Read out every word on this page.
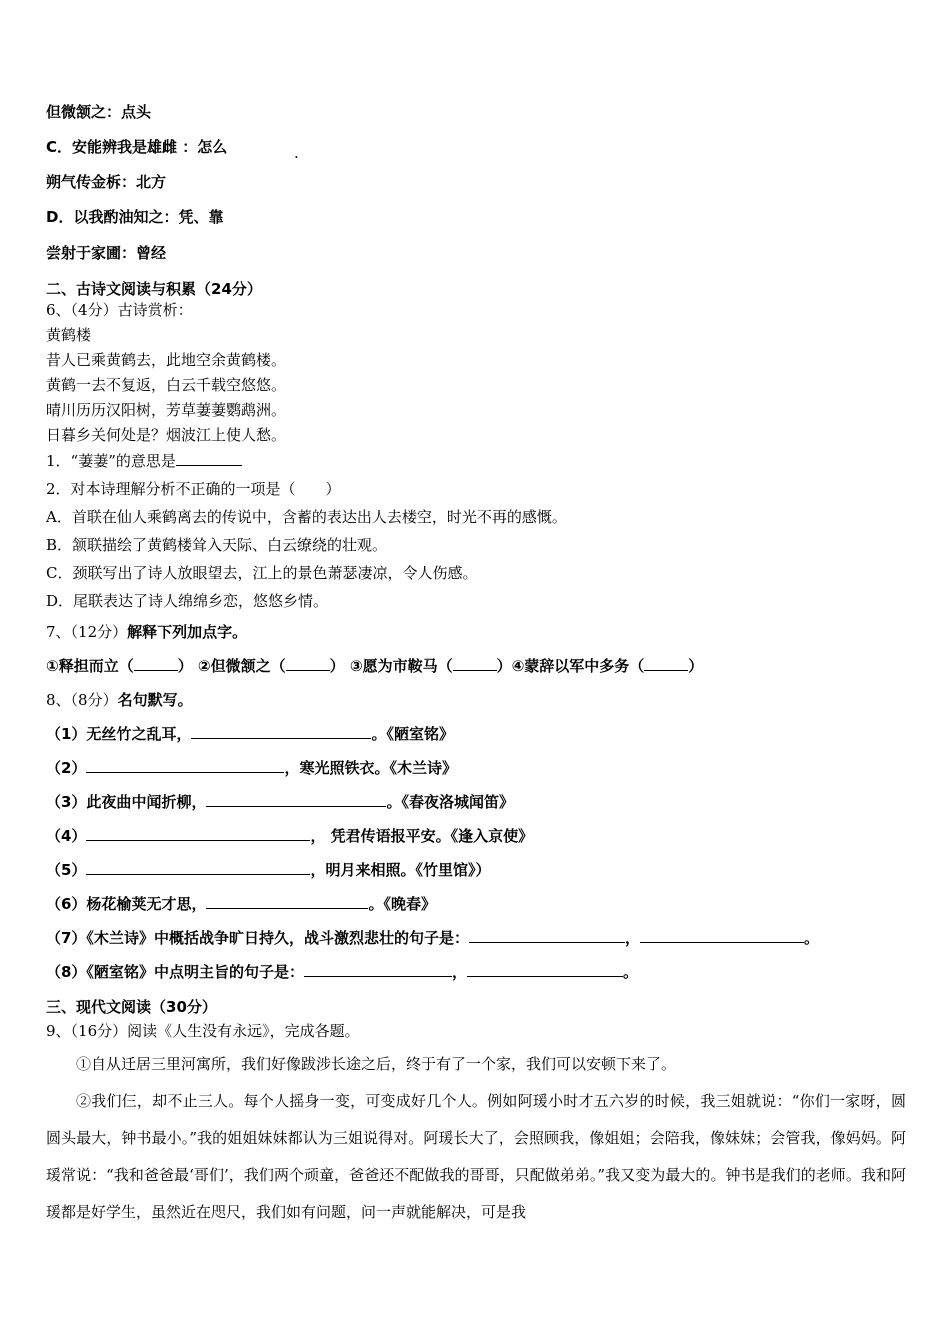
但微颔之：点头
C．安能辨我是雄雌 ：怎么	.
朔气传金柝：北方
D．以我酌油知之：凭、靠
尝射于家圃：曾经
二、古诗文阅读与积累（24分）
6、（4分）古诗赏析：
黄鹤楼
昔人已乘黄鹤去，此地空余黄鹤楼。
黄鹤一去不复返，白云千载空悠悠。
晴川历历汉阳树，芳草萋萋鹦鹉洲。
日暮乡关何处是？烟波江上使人愁。
1．“萋萋”的意思是
2．对本诗理解分析不正确的一项是（　　）
A．首联在仙人乘鹤离去的传说中，含蓄的表达出人去楼空，时光不再的感慨。
B．颔联描绘了黄鹤楼耸入天际、白云缭绕的壮观。
C．颈联写出了诗人放眼望去，江上的景色萧瑟凄凉，令人伤感。
D．尾联表达了诗人绵绵乡恋，悠悠乡情。
7、（12分）解释下列加点字。
①释担而立（	） ②但微颔之（	） ③愿为市鞍马（	）④蒙辞以军中多务（	）
8、（8分）名句默写。
（1）无丝竹之乱耳，	。《陋室铭》
（2）	，寒光照铁衣。《木兰诗》
（3）此夜曲中闻折柳，	。《春夜洛城闻笛》
（4）	， 凭君传语报平安。《逢入京使》
（5）	，明月来相照。《竹里馆》）
（6）杨花榆荚无才思，	。《晚春》
（7）《木兰诗》中概括战争旷日持久，战斗激烈悲壮的句子是：	，	。
（8）《陋室铭》中点明主旨的句子是：	，	。
三、现代文阅读（30分）
9、（16分）阅读《人生没有永远》，完成各题。
①自从迁居三里河寓所，我们好像跋涉长途之后，终于有了一个家，我们可以安顿下来了。
②我们仨，却不止三人。每个人摇身一变，可变成好几个人。例如阿瑗小时才五六岁的时候，我三姐就说：“你们一家呀，圆圆头最大，钟书最小。”我的姐姐妹妹都认为三姐说得对。阿瑗长大了，会照顾我，像姐姐；会陪我，像妹妹；会管我，像妈妈。阿瑗常说：“我和爸爸最‘哥们’，我们两个顽童，爸爸还不配做我的哥哥，只配做弟弟。”我又变为最大的。钟书是我们的老师。我和阿瑗都是好学生，虽然近在咫尺，我们如有问题，问一声就能解决，可是我
